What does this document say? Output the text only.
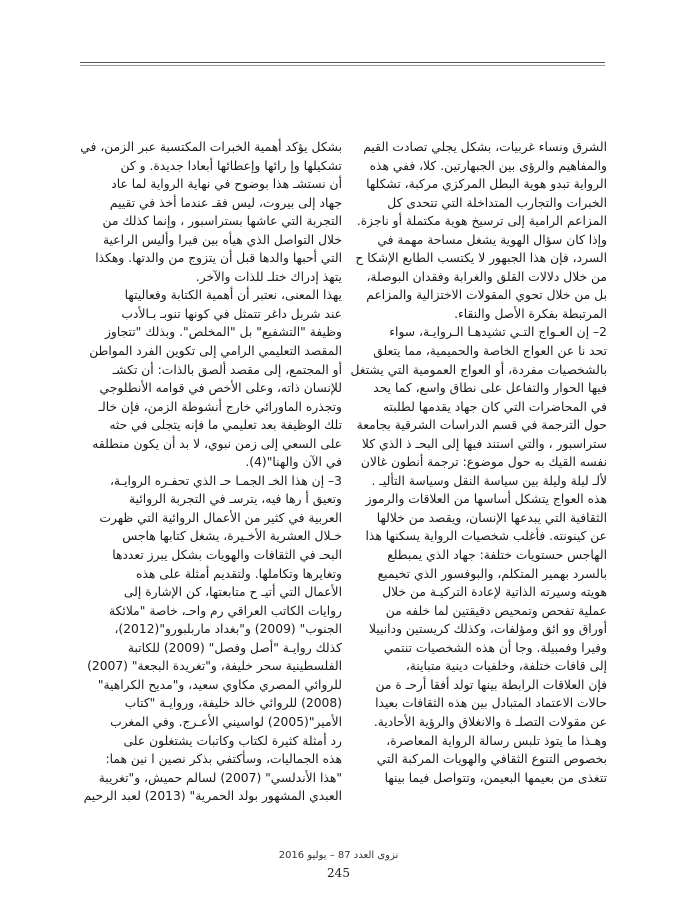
الشرق ونساء غربيات، بشكل يجلي تصادت القيم
والمفاهيم والرؤى بين الجبهارتين. كلا، ففي هذه
الرواية تبدو هوية البطل المركزي مركبة، تشكلها
الخبرات والتجارب المتداخلة التي تتحدى كل
المزاعم الرامية إلى ترسيخ هوية مكتملة أو ناجزة.
وإذا كان سؤال الهوية يشغل مساحة مهمة في
السرد، فإن هذا الجبهور لا يكتسب الطابع الإشكا ح
من خلال دلالات القلق والغرابة وفقدان البوصلة،
بل من خلال تحوي المقولات الاختزالية والمزاعم
المرتبطة بفكرة الأصل والنقاء.
2– إن العـواج التـي تشيدهـا الـروايـة، سواء
تحد نا عن العواج الخاصة والحميمية، مما يتعلق
بالشخصيات مفردة، أو العواج العمومية التي يشتغل
فيها الحوار والتفاعل على نطاق واسع، كما يحد
في المحاضرات التي كان جهاد يقدمها لطلبته
حول الترجمة في قسم الدراسات الشرقية بجامعة
ستراسبور ، والتي استند فيها إلى البحـ ذ الذي كلا
نفسه القيك به حول موضوع: ترجمة أنطون غالان
لألـ ليلة وليلة بين سياسة النقل وسياسة التأليـ .
هذه العواج يتشكل أساسها من العلاقات والرموز
الثقافية التي يبدعها الإنسان، ويقصد من خلالها
عن كينونته. فأغلب شخصيات الرواية يسكنها هذا
الهاجس حستويات ختلفة: جهاد الذي يمبطلع
بالسرد بهمير المتكلم، والبوفسور الذي تخيمبع
هويته وسيرته الذاتية لإعادة التركيـة من خلال
عملية تفحص وتمحيص دقيقتين لما خلفه من
أوراق وو ائق ومؤلفات، وكذلك كريستين ودانييلا
وفيرا وفمبيلة. وجا أن هذه الشخصيات تنتمي
إلى قافات ختلفة، وخلفيات دينية متباينة،
فإن العلاقات الرابطة بينها تولد أفقا أرحـ ة من
حالات الاعتماد المتبادل بين هذه الثقافات بعيدا
عن مقولات التصلـ ة والانغلاق والرؤية الأحادية.
وهـذا ما يتوذ تلبس رسالة الرواية المعاصرة،
بخصوص التنوع الثقافي والهويات المركبة التي
تتغذى من بعيمها البعيمن، وتتواصل فيما بينها
بشكل يؤكد أهمية الخبرات المكتسبة عبر الزمن، في
تشكيلها وإ رائها وإعطائها أبعادا جديدة. و كن
أن نستشـ هذا بوضوح في نهاية الرواية لما عاد
جهاد إلى بيروت، ليس فقـ عندما أخذ في تقييم
التجربة التي عاشها بستراسبور ، وإنما كذلك من
خلال التواصل الذي هيأه بين فيرا وأليس الراعية
التي أحبها والدها قبل أن يتزوج من والدتها. وهكذا
يتهذ إدراك ختلـ للذات والآخر.
يهذا المعنى، نعتبر أن أهمية الكتابة وفعاليتها
عند شربل داغر تتمثل في كونها تنوبـ بـالأدب
وظيفة "التشفيع" بل "المخلص". وبذلك "تتجاوز
المقصد التعليمي الرامي إلى تكوين الفرد المواطن
أو المجتمع، إلى مقصد ألصق بالذات: أن تكشـ
للإنسان ذاته، وعلى الأخص في قوامه الأنطلوجي
وتجذره الماورائي خارج أنشوطة الزمن، فإن خالـ
تلك الوظيفة بعد تعليمي ما فإنه يتجلى في حثه
على السعي إلى زمن نبوي، لا بد أن يكون منطلقه
في الآن والهنا"(4).
3– إن هذا الخـ الجمـا حـ الذي تحفـره الروايـة،
وتعيق أ رها فيه، يترسـ في التجربة الروائية
العربية في كثير من الأعمال الروائية التي ظهرت
خـلال العشرية الأخـيرة، يشغل كتابها هاجس
البحـ في الثقافات والهويات بشكل يبرز تعددها
وتغايرها وتكاملها. ولتقديم أمثلة على هذه
الأعمال التي أتيـ ح متابعتها، كن الإشارة إلى
روايات الكاتب العراقي رم واحـ، خاصة "ملائكة
الجنوب" (2009) و"بغداد ماربلبورو"(2012)،
كذلك روايـة "أصل وفصل" (2009) للكاتبة
الفلسطينية سحر خليفة، و"تغريدة البجعة" (2007)
للروائي المصري مكاوي سعيد، و"مديح الكراهية"
(2008) للروائي خالد خليفة، وروايـة "كتاب
الأمير"(2005) لواسيني الأعـرج. وفي المغرب
رد أمثلة كثيرة لكتاب وكاتبات يشتغلون على
هذه الجماليات، وسأكتفي بذكر نصين ا نين هما:
"هذا الأندلسي" (2007) لسالم حميش، و"تغريبة
العبدي المشهور بولد الحمرية" (2013) لعبد الرحيم
نزوى العدد 87 – يوليو 2016
245
